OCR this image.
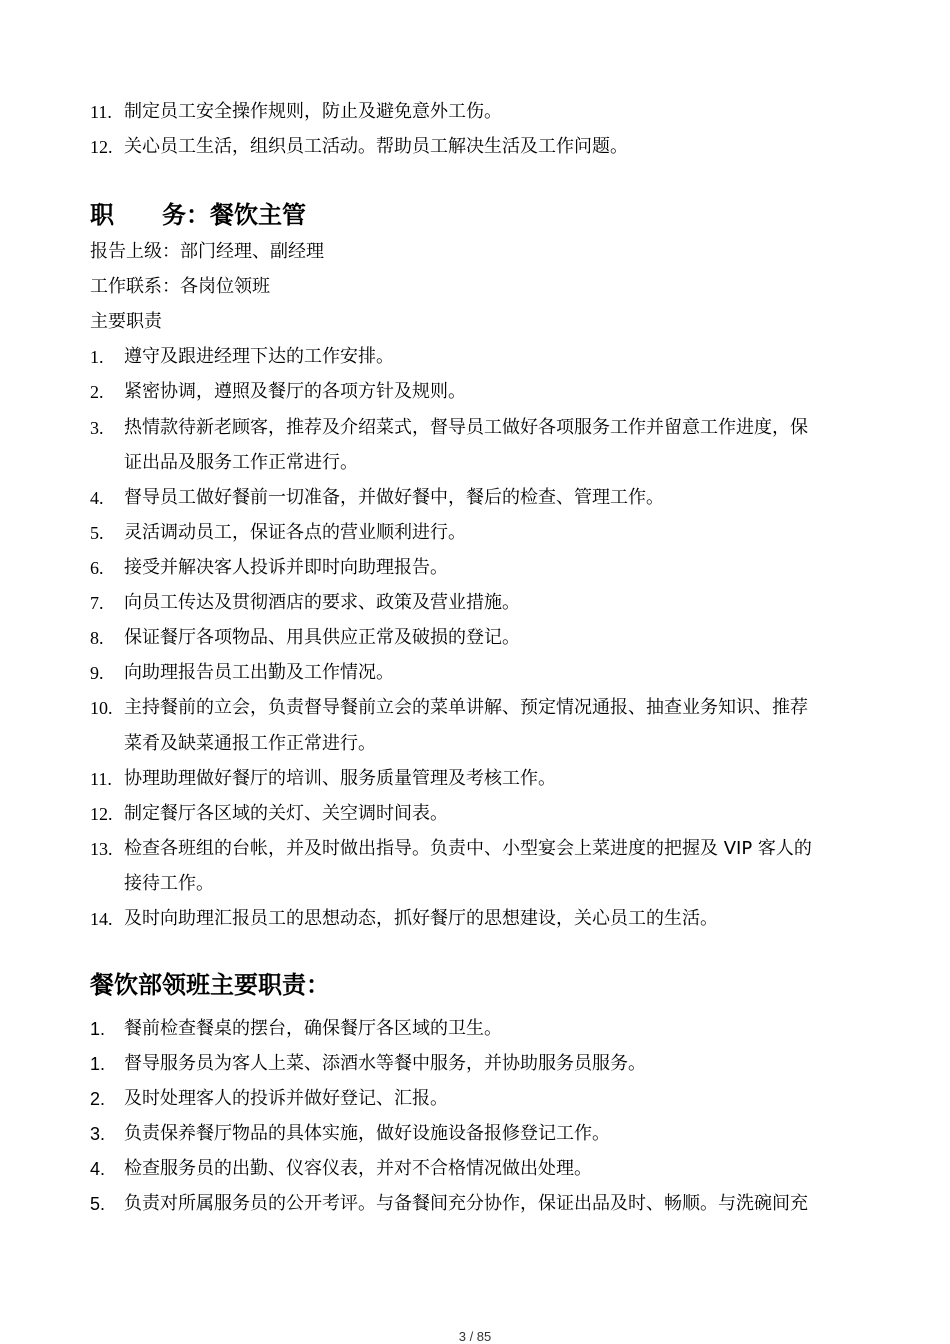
11. 制定员工安全操作规则，防止及避免意外工伤。
12. 关心员工生活，组织员工活动。帮助员工解决生活及工作问题。
职　　务：餐饮主管
报告上级：部门经理、副经理
工作联系：各岗位领班
主要职责
1. 遵守及跟进经理下达的工作安排。
2. 紧密协调，遵照及餐厅的各项方针及规则。
3. 热情款待新老顾客，推荐及介绍菜式，督导员工做好各项服务工作并留意工作进度，保
证出品及服务工作正常进行。
4. 督导员工做好餐前一切准备，并做好餐中，餐后的检查、管理工作。
5. 灵活调动员工，保证各点的营业顺利进行。
6. 接受并解决客人投诉并即时向助理报告。
7. 向员工传达及贯彻酒店的要求、政策及营业措施。
8. 保证餐厅各项物品、用具供应正常及破损的登记。
9. 向助理报告员工出勤及工作情况。
10. 主持餐前的立会，负责督导餐前立会的菜单讲解、预定情况通报、抽查业务知识、推荐
菜肴及缺菜通报工作正常进行。
11. 协理助理做好餐厅的培训、服务质量管理及考核工作。
12. 制定餐厅各区域的关灯、关空调时间表。
13. 检查各班组的台帐，并及时做出指导。负责中、小型宴会上菜进度的把握及 VIP 客人的
接待工作。
14. 及时向助理汇报员工的思想动态，抓好餐厅的思想建设，关心员工的生活。
餐饮部领班主要职责：
1. 餐前检查餐桌的摆台，确保餐厅各区域的卫生。
1. 督导服务员为客人上菜、添酒水等餐中服务，并协助服务员服务。
2. 及时处理客人的投诉并做好登记、汇报。
3. 负责保养餐厅物品的具体实施，做好设施设备报修登记工作。
4. 检查服务员的出勤、仪容仪表，并对不合格情况做出处理。
5. 负责对所属服务员的公开考评。与备餐间充分协作，保证出品及时、畅顺。与洗碗间充
3 / 85
